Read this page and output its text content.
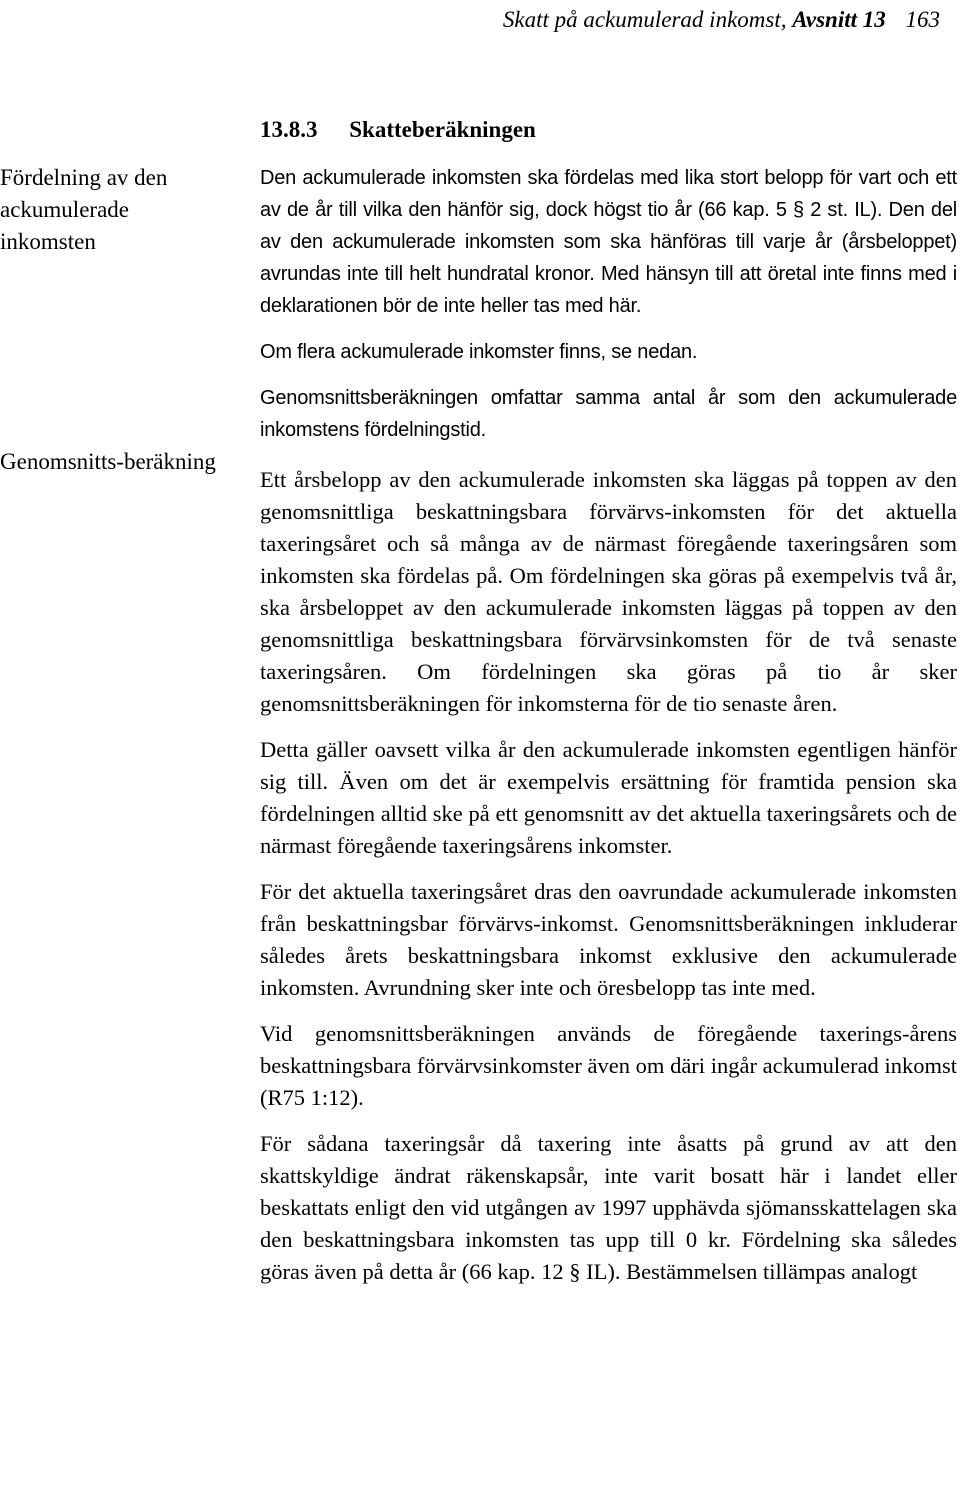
Skatt på ackumulerad inkomst, Avsnitt 13 163
13.8.3 Skatteberäkningen
Fördelning av den ackumulerade inkomsten
Genomsnitts-beräkning

Den ackumulerade inkomsten ska fördelas med lika stort belopp för vart och ett av de år till vilka den hänför sig, dock högst tio år (66 kap. 5 § 2 st. IL). Den del av den ackumulerade inkomsten som ska hänföras till varje år (årsbeloppet) avrundas inte till helt hundratal kronor. Med hänsyn till att öretal inte finns med i deklarationen bör de inte heller tas med här.

Om flera ackumulerade inkomster finns, se nedan.

Genomsnittsberäkningen omfattar samma antal år som den ackumulerade inkomstens fördelningstid.

Ett årsbelopp av den ackumulerade inkomsten ska läggas på toppen av den genomsnittliga beskattningsbara förvärvs-inkomsten för det aktuella taxeringsåret och så många av de närmast föregående taxeringsåren som inkomsten ska fördelas på. Om fördelningen ska göras på exempelvis två år, ska årsbeloppet av den ackumulerade inkomsten läggas på toppen av den genomsnittliga beskattningsbara förvärvsinkomsten för de två senaste taxeringsåren. Om fördelningen ska göras på tio år sker genomsnittsberäkningen för inkomsterna för de tio senaste åren.

Detta gäller oavsett vilka år den ackumulerade inkomsten egentligen hänför sig till. Även om det är exempelvis ersättning för framtida pension ska fördelningen alltid ske på ett genomsnitt av det aktuella taxeringsårets och de närmast föregående taxeringsårens inkomster.

För det aktuella taxeringsåret dras den oavrundade ackumulerade inkomsten från beskattningsbar förvärvs-inkomst. Genomsnittsberäkningen inkluderar således årets beskattningsbara inkomst exklusive den ackumulerade inkomsten. Avrundning sker inte och öresbelopp tas inte med.

Vid genomsnittsberäkningen används de föregående taxerings-årens beskattningsbara förvärvsinkomster även om däri ingår ackumulerad inkomst (R75 1:12).

För sådana taxeringsår då taxering inte åsatts på grund av att den skattskyldige ändrat räkenskapsår, inte varit bosatt här i landet eller beskattats enligt den vid utgången av 1997 upphävda sjömansskattelagen ska den beskattningsbara inkomsten tas upp till 0 kr. Fördelning ska således göras även på detta år (66 kap. 12 § IL). Bestämmelsen tillämpas analogt
